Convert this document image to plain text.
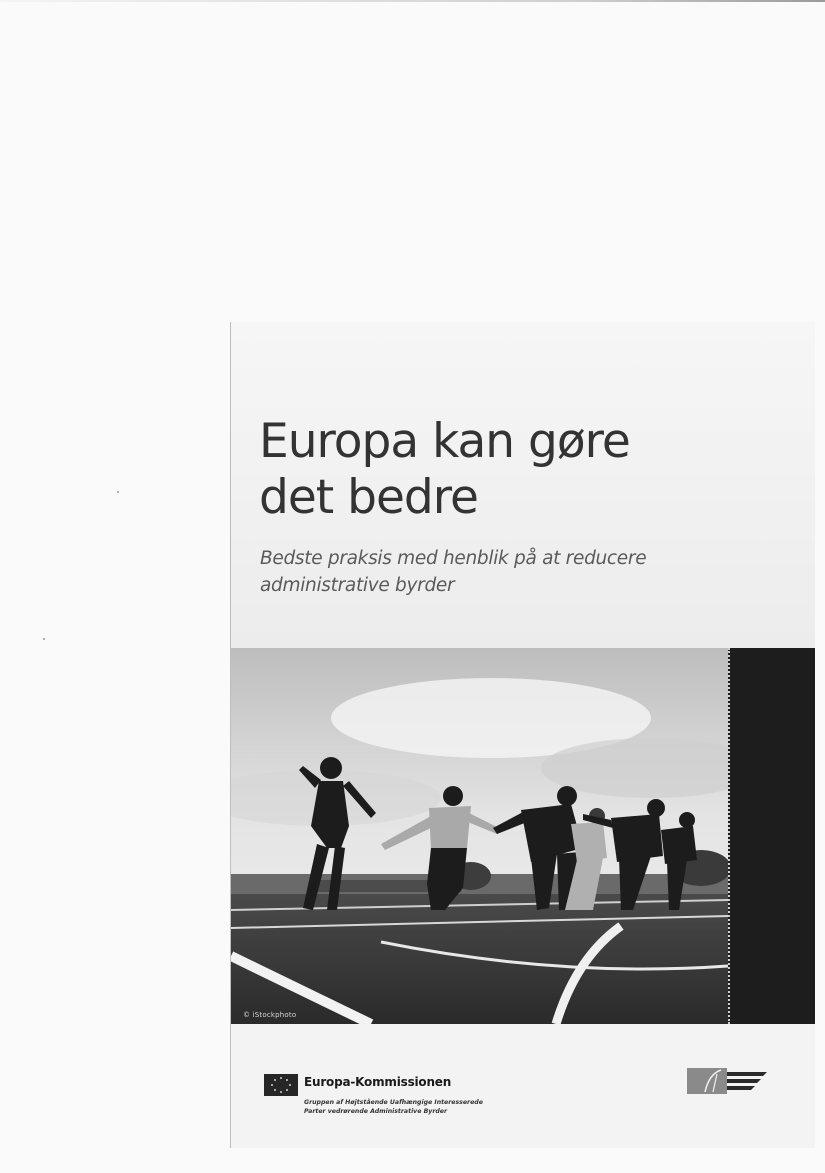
Europa kan gøre
det bedre

Bedste praksis med henblik på at reducere
administrative byrder

© iStockphoto
Europa-Kommissionen
Gruppen af Højtstående Uafhængige Interesserede
Parter vedrørende Administrative Byrder
